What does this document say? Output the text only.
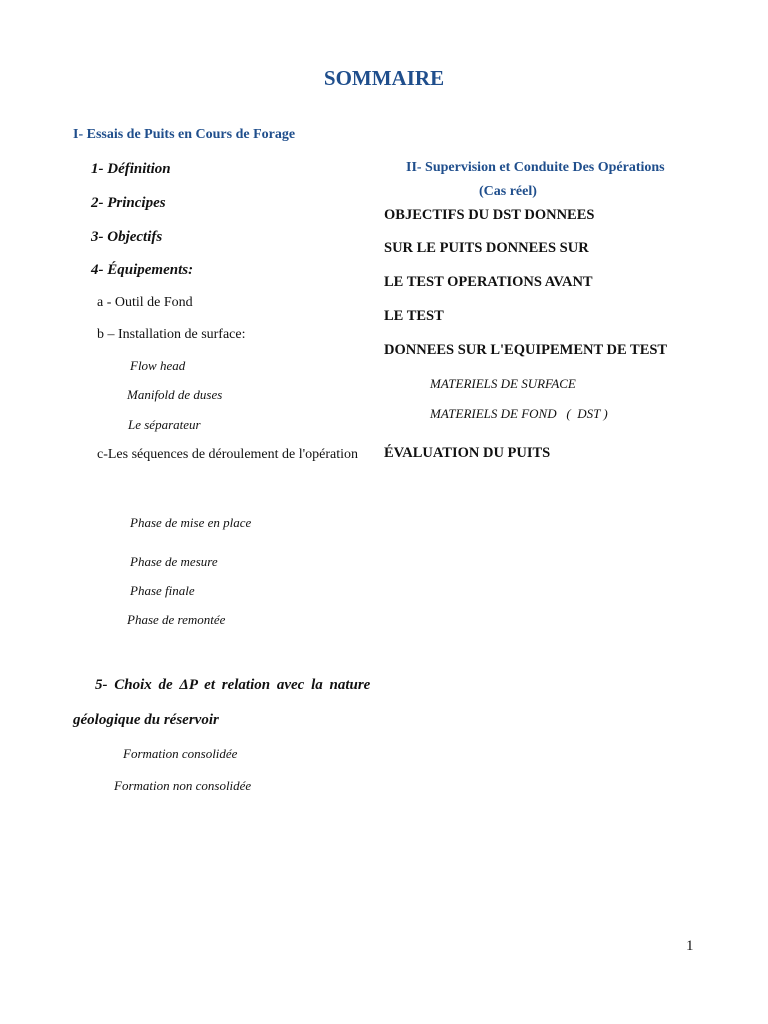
SOMMAIRE
I- Essais de Puits en Cours de Forage
1- Définition
2- Principes
3- Objectifs
4- Équipements:
a - Outil de Fond
b – Installation de surface:
Flow head
Manifold de duses
Le séparateur
c-Les séquences de déroulement de l'opération
Phase de mise en place
Phase de mesure
Phase finale
Phase de remontée
5- Choix de ΔP et relation avec la nature
géologique du réservoir
Formation consolidée
Formation non consolidée
II- Supervision et Conduite Des Opérations
(Cas réel)
OBJECTIFS DU DST DONNEES
SUR LE PUITS DONNEES SUR
LE TEST OPERATIONS AVANT
LE TEST
DONNEES SUR L'EQUIPEMENT DE TEST
MATERIELS DE SURFACE
MATERIELS DE FOND   (  DST )
ÉVALUATION DU PUITS
1
